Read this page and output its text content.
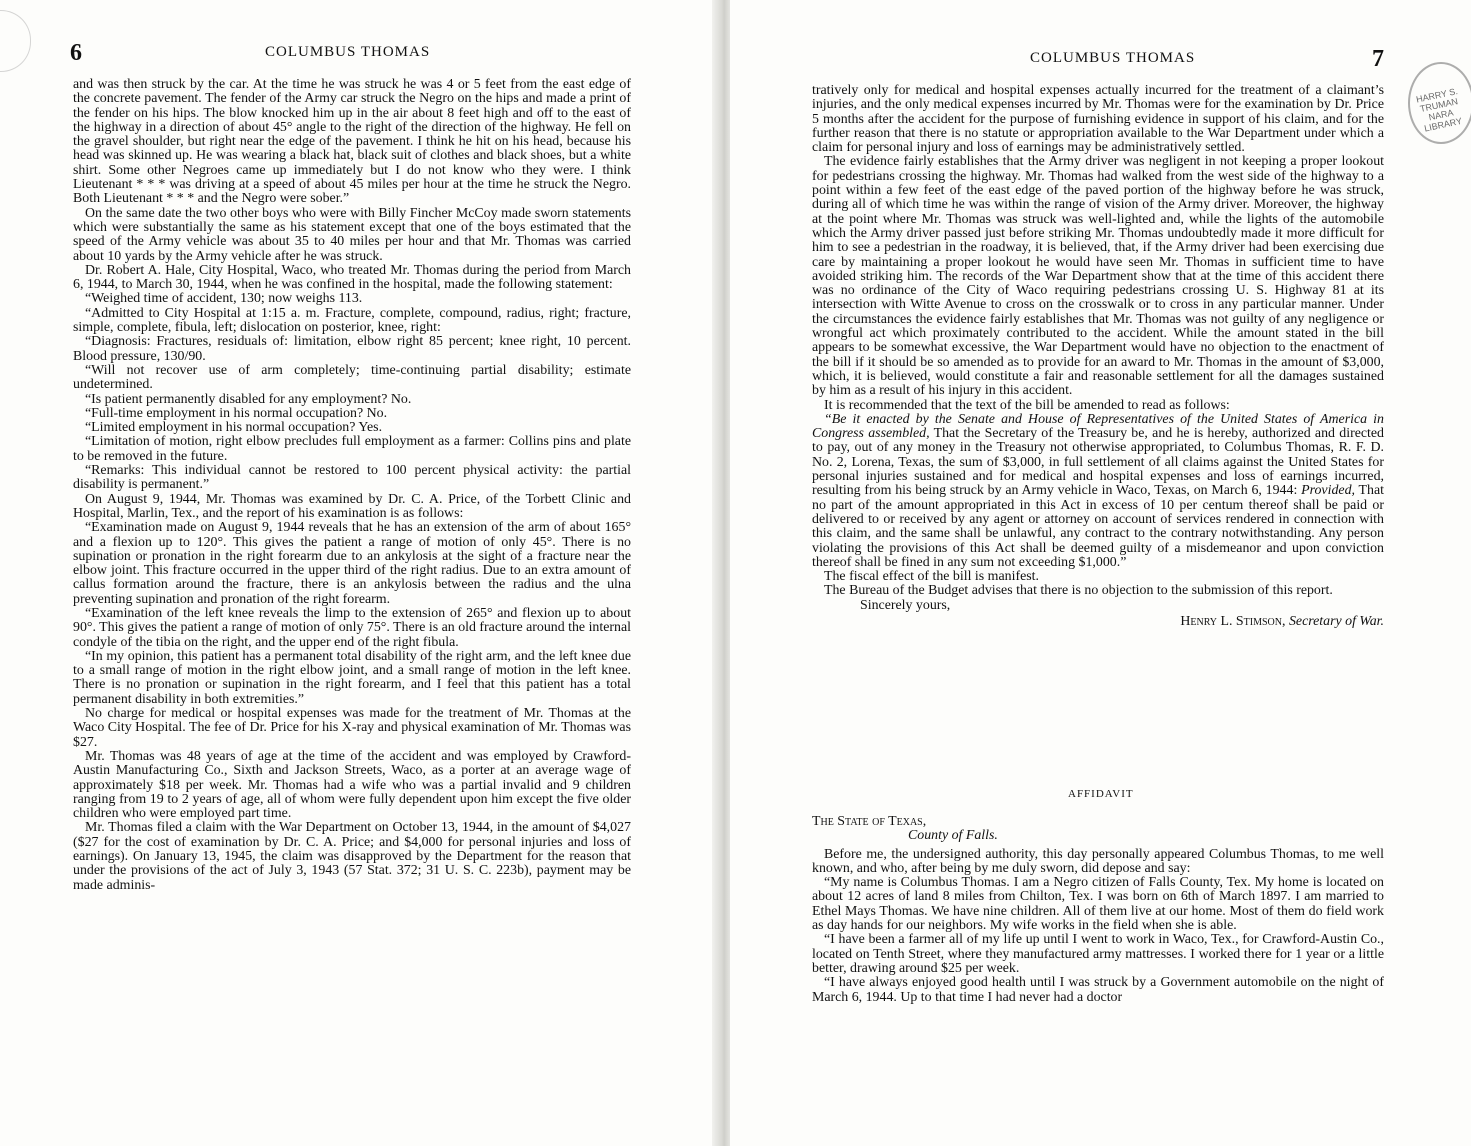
6	COLUMBUS THOMAS

and was then struck by the car. At the time he was struck he was 4 or 5 feet from the east edge of the concrete pavement. The fender of the Army car struck the Negro on the hips and made a print of the fender on his hips. The blow knocked him up in the air about 8 feet high and off to the east of the highway in a direction of about 45° angle to the right of the direction of the highway. He fell on the gravel shoulder, but right near the edge of the pavement. I think he hit on his head, because his head was skinned up. He was wearing a black hat, black suit of clothes and black shoes, but a white shirt. Some other Negroes came up immediately but I do not know who they were. I think Lieutenant * * * was driving at a speed of about 45 miles per hour at the time he struck the Negro. Both Lieutenant * * * and the Negro were sober.”

On the same date the two other boys who were with Billy Fincher McCoy made sworn statements which were substantially the same as his statement except that one of the boys estimated that the speed of the Army vehicle was about 35 to 40 miles per hour and that Mr. Thomas was carried about 10 yards by the Army vehicle after he was struck.

Dr. Robert A. Hale, City Hospital, Waco, who treated Mr. Thomas during the period from March 6, 1944, to March 30, 1944, when he was confined in the hospital, made the following statement:

“Weighed time of accident, 130; now weighs 113.

“Admitted to City Hospital at 1:15 a. m. Fracture, complete, compound, radius, right; fracture, simple, complete, fibula, left; dislocation on posterior, knee, right:

“Diagnosis: Fractures, residuals of: limitation, elbow right 85 percent; knee right, 10 percent. Blood pressure, 130/90.

“Will not recover use of arm completely; time-continuing partial disability; estimate undetermined.

“Is patient permanently disabled for any employment? No.

“Full-time employment in his normal occupation? No.

“Limited employment in his normal occupation? Yes.

“Limitation of motion, right elbow precludes full employment as a farmer: Collins pins and plate to be removed in the future.

“Remarks: This individual cannot be restored to 100 percent physical activity: the partial disability is permanent.”

On August 9, 1944, Mr. Thomas was examined by Dr. C. A. Price, of the Torbett Clinic and Hospital, Marlin, Tex., and the report of his examination is as follows:

“Examination made on August 9, 1944 reveals that he has an extension of the arm of about 165° and a flexion up to 120°. This gives the patient a range of motion of only 45°. There is no supination or pronation in the right forearm due to an ankylosis at the sight of a fracture near the elbow joint. This fracture occurred in the upper third of the right radius. Due to an extra amount of callus formation around the fracture, there is an ankylosis between the radius and the ulna preventing supination and pronation of the right forearm.

“Examination of the left knee reveals the limp to the extension of 265° and flexion up to about 90°. This gives the patient a range of motion of only 75°. There is an old fracture around the internal condyle of the tibia on the right, and the upper end of the right fibula.

“In my opinion, this patient has a permanent total disability of the right arm, and the left knee due to a small range of motion in the right elbow joint, and a small range of motion in the left knee. There is no pronation or supination in the right forearm, and I feel that this patient has a total permanent disability in both extremities.”

No charge for medical or hospital expenses was made for the treatment of Mr. Thomas at the Waco City Hospital. The fee of Dr. Price for his X-ray and physical examination of Mr. Thomas was $27.

Mr. Thomas was 48 years of age at the time of the accident and was employed by Crawford-Austin Manufacturing Co., Sixth and Jackson Streets, Waco, as a porter at an average wage of approximately $18 per week. Mr. Thomas had a wife who was a partial invalid and 9 children ranging from 19 to 2 years of age, all of whom were fully dependent upon him except the five older children who were employed part time.

Mr. Thomas filed a claim with the War Department on October 13, 1944, in the amount of $4,027 ($27 for the cost of examination by Dr. C. A. Price; and $4,000 for personal injuries and loss of earnings). On January 13, 1945, the claim was disapproved by the Department for the reason that under the provisions of the act of July 3, 1943 (57 Stat. 372; 31 U. S. C. 223b), payment may be made adminis-

COLUMBUS THOMAS	7
HARRY S. TRUMAN NARA LIBRARY

tratively only for medical and hospital expenses actually incurred for the treatment of a claimant’s injuries, and the only medical expenses incurred by Mr. Thomas were for the examination by Dr. Price 5 months after the accident for the purpose of furnishing evidence in support of his claim, and for the further reason that there is no statute or appropriation available to the War Department under which a claim for personal injury and loss of earnings may be administratively settled.

The evidence fairly establishes that the Army driver was negligent in not keeping a proper lookout for pedestrians crossing the highway. Mr. Thomas had walked from the west side of the highway to a point within a few feet of the east edge of the paved portion of the highway before he was struck, during all of which time he was within the range of vision of the Army driver. Moreover, the highway at the point where Mr. Thomas was struck was well-lighted and, while the lights of the automobile which the Army driver passed just before striking Mr. Thomas undoubtedly made it more difficult for him to see a pedestrian in the roadway, it is believed, that, if the Army driver had been exercising due care by maintaining a proper lookout he would have seen Mr. Thomas in sufficient time to have avoided striking him. The records of the War Department show that at the time of this accident there was no ordinance of the City of Waco requiring pedestrians crossing U. S. Highway 81 at its intersection with Witte Avenue to cross on the crosswalk or to cross in any particular manner. Under the circumstances the evidence fairly establishes that Mr. Thomas was not guilty of any negligence or wrongful act which proximately contributed to the accident. While the amount stated in the bill appears to be somewhat excessive, the War Department would have no objection to the enactment of the bill if it should be so amended as to provide for an award to Mr. Thomas in the amount of $3,000, which, it is believed, would constitute a fair and reasonable settlement for all the damages sustained by him as a result of his injury in this accident.

It is recommended that the text of the bill be amended to read as follows:

“Be it enacted by the Senate and House of Representatives of the United States of America in Congress assembled, That the Secretary of the Treasury be, and he is hereby, authorized and directed to pay, out of any money in the Treasury not otherwise appropriated, to Columbus Thomas, R. F. D. No. 2, Lorena, Texas, the sum of $3,000, in full settlement of all claims against the United States for personal injuries sustained and for medical and hospital expenses and loss of earnings incurred, resulting from his being struck by an Army vehicle in Waco, Texas, on March 6, 1944: Provided, That no part of the amount appropriated in this Act in excess of 10 per centum thereof shall be paid or delivered to or received by any agent or attorney on account of services rendered in connection with this claim, and the same shall be unlawful, any contract to the contrary notwithstanding. Any person violating the provisions of this Act shall be deemed guilty of a misdemeanor and upon conviction thereof shall be fined in any sum not exceeding $1,000.”

The fiscal effect of the bill is manifest.

The Bureau of the Budget advises that there is no objection to the submission of this report.

Sincerely yours,

Henry L. Stimson, Secretary of War.

AFFIDAVIT

The State of Texas,

County of Falls.

Before me, the undersigned authority, this day personally appeared Columbus Thomas, to me well known, and who, after being by me duly sworn, did depose and say:

“My name is Columbus Thomas. I am a Negro citizen of Falls County, Tex. My home is located on about 12 acres of land 8 miles from Chilton, Tex. I was born on 6th of March 1897. I am married to Ethel Mays Thomas. We have nine children. All of them live at our home. Most of them do field work as day hands for our neighbors. My wife works in the field when she is able.

“I have been a farmer all of my life up until I went to work in Waco, Tex., for Crawford-Austin Co., located on Tenth Street, where they manufactured army mattresses. I worked there for 1 year or a little better, drawing around $25 per week.

“I have always enjoyed good health until I was struck by a Government automobile on the night of March 6, 1944. Up to that time I had never had a doctor
